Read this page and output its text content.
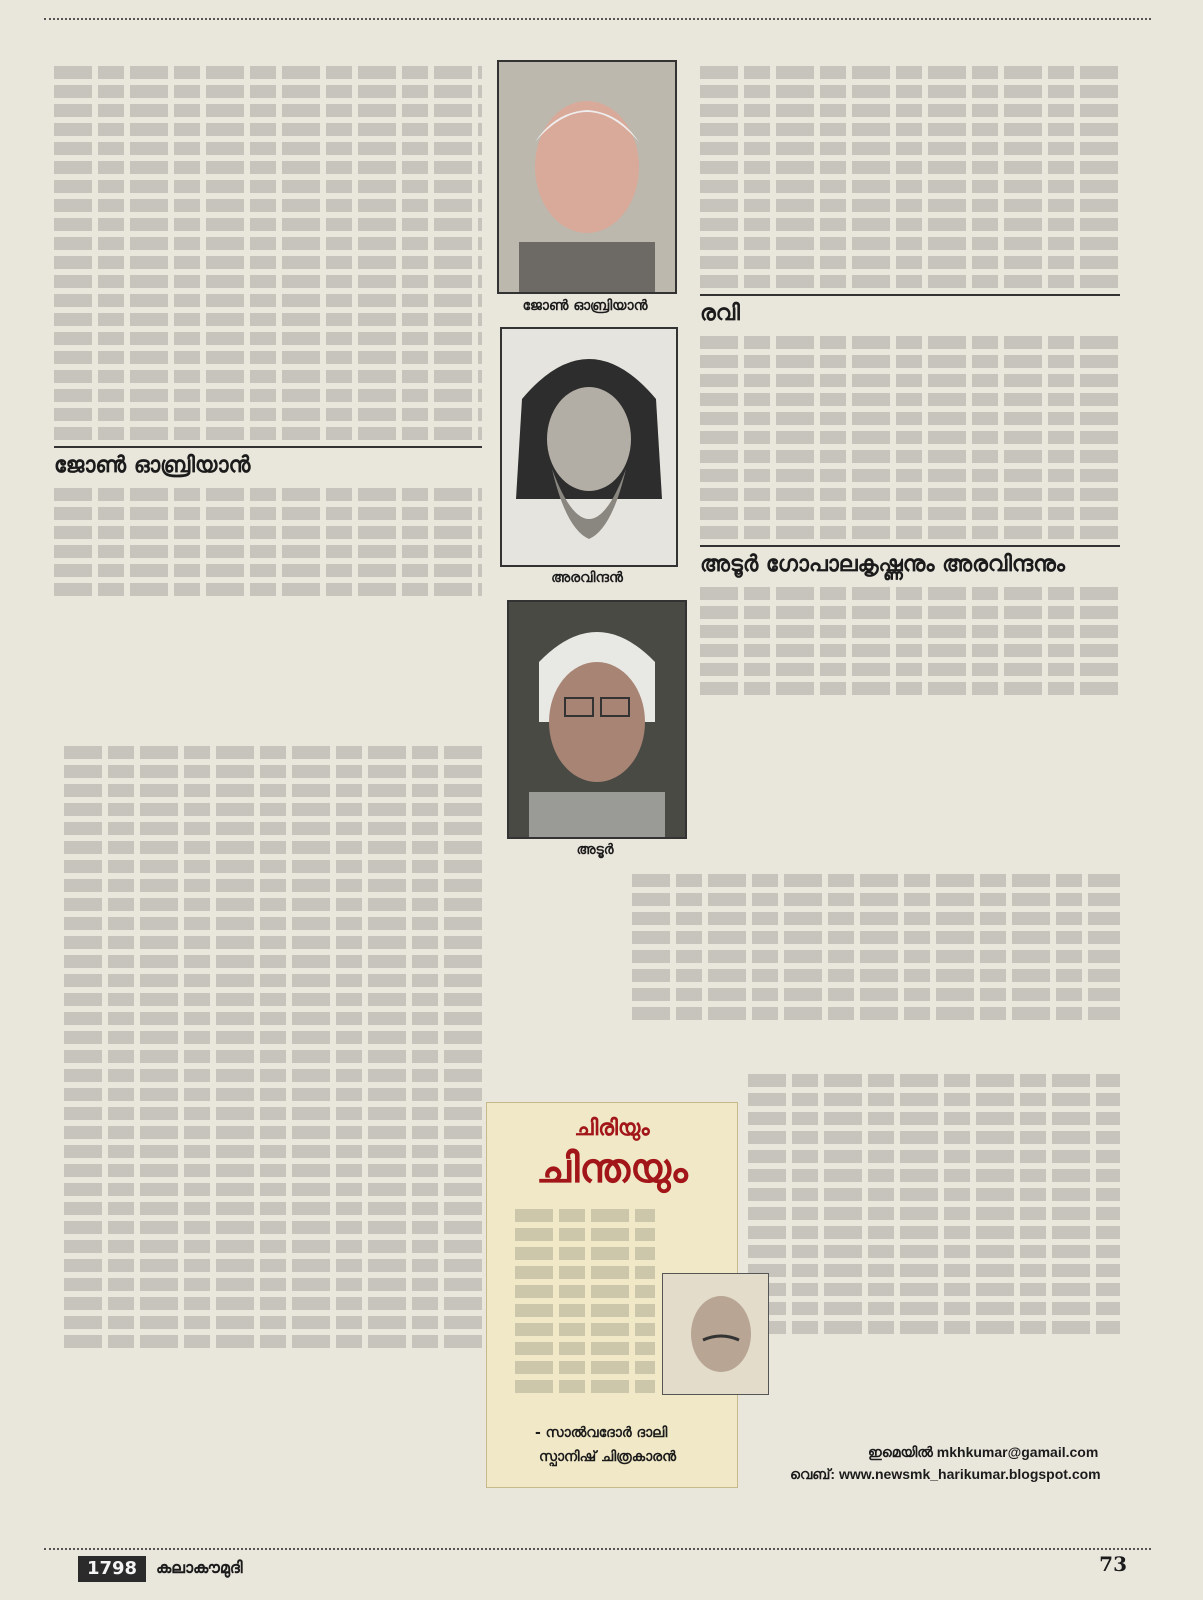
ജോൺ ഓബ്രിയാൻ
ജോൺ ഓബ്രിയാൻ
അരവിന്ദൻ
അടൂർ
രവി
അടൂർ ഗോപാലകൃഷ്ണനും അരവിന്ദനും
ചിരിയും
ചിന്തയും
- സാൽവദോർ ദാലി
സ്പാനിഷ് ചിത്രകാരൻ	ഇമെയിൽ mkhkumar@gamail.com
വെബ്: www.newsmk_harikumar.blogspot.com
1798	കലാകൗമുദി	73
